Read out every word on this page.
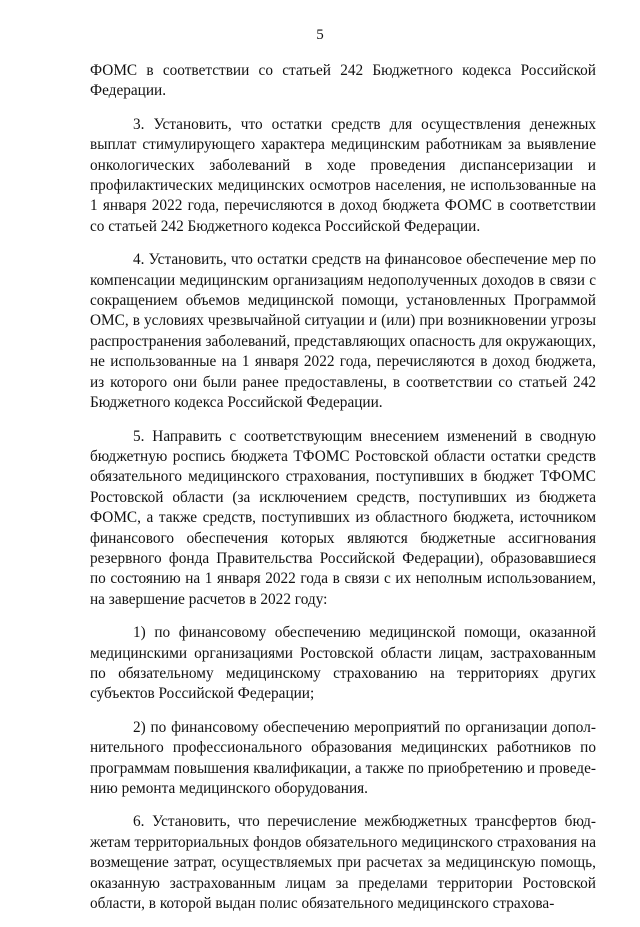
5

ФОМС в соответствии со статьей 242 Бюджетного кодекса Российской Федерации.

3. Установить, что остатки средств для осуществления денежных выплат стимулирующего характера медицинским работникам за выявление онкологических заболеваний в ходе проведения диспансеризации и профилактических медицинских осмотров населения, не использованные на 1 января 2022 года, перечисляются в доход бюджета ФОМС в соответствии со статьей 242 Бюджетного кодекса Российской Федерации.

4. Установить, что остатки средств на финансовое обеспечение мер по компенсации медицинским организациям недополученных доходов в связи с сокращением объемов медицинской помощи, установленных Программой ОМС, в условиях чрезвычайной ситуации и (или) при возникновении угрозы распространения заболеваний, представляющих опасность для окружающих, не использованные на 1 января 2022 года, перечисляются в доход бюджета, из которого они были ранее предоставлены, в соответствии со статьей 242 Бюджетного кодекса Российской Федерации.

5. Направить с соответствующим внесением изменений в сводную бюджетную роспись бюджета ТФОМС Ростовской области остатки средств обязательного медицинского страхования, поступивших в бюджет ТФОМС Ростовской области (за исключением средств, поступивших из бюджета ФОМС, а также средств, поступивших из областного бюджета, источником финансового обеспечения которых являются бюджетные ассигнования резервного фонда Правительства Российской Федерации), образовавшиеся по состоянию на 1 января 2022 года в связи с их неполным использованием, на завершение расчетов в 2022 году:

1) по финансовому обеспечению медицинской помощи, оказанной медицинскими организациями Ростовской области лицам, застрахованным по обязательному медицинскому страхованию на территориях других субъектов Российской Федерации;

2) по финансовому обеспечению мероприятий по организации дополнительного профессионального образования медицинских работников по программам повышения квалификации, а также по приобретению и проведению ремонта медицинского оборудования.

6. Установить, что перечисление межбюджетных трансфертов бюджетам территориальных фондов обязательного медицинского страхования на возмещение затрат, осуществляемых при расчетах за медицинскую помощь, оказанную застрахованным лицам за пределами территории Ростовской области, в которой выдан полис обязательного медицинского страхова-
